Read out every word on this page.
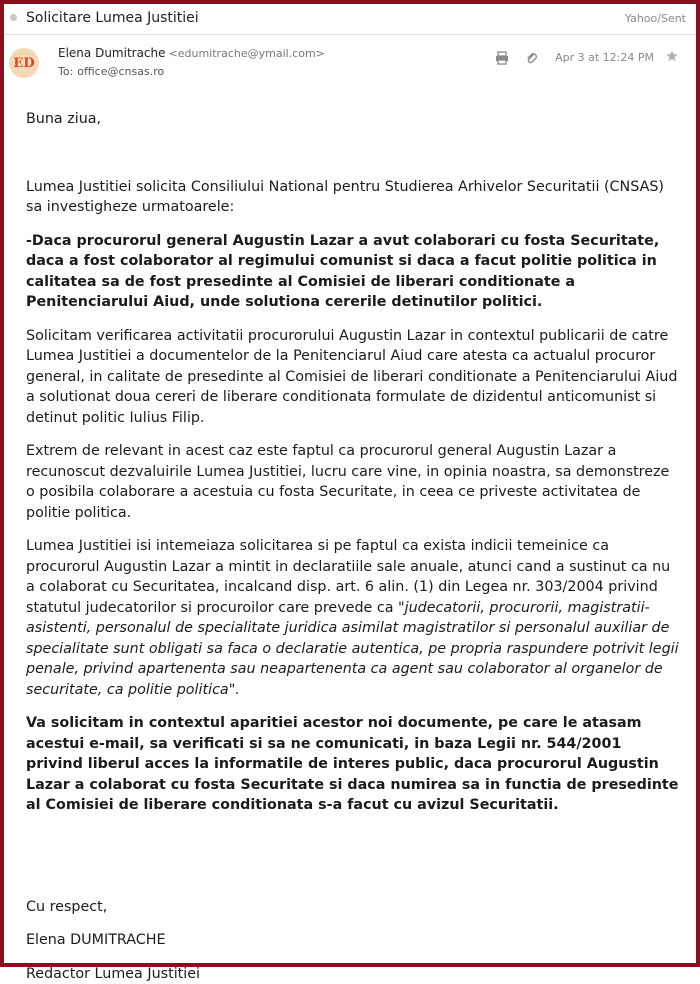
Solicitare Lumea Justitiei	Yahoo/Sent
ED
Elena Dumitrache <edumitrache@ymail.com>
To: office@cnsas.ro
Apr 3 at 12:24 PM

Buna ziua,

Lumea Justitiei solicita Consiliului National pentru Studierea Arhivelor Securitatii (CNSAS) sa investigheze urmatoarele:

-Daca procurorul general Augustin Lazar a avut colaborari cu fosta Securitate, daca a fost colaborator al regimului comunist si daca a facut politie politica in calitatea sa de fost presedinte al Comisiei de liberari conditionate a Penitenciarului Aiud, unde solutiona cererile detinutilor politici.

Solicitam verificarea activitatii procurorului Augustin Lazar in contextul publicarii de catre Lumea Justitiei a documentelor de la Penitenciarul Aiud care atesta ca actualul procuror general, in calitate de presedinte al Comisiei de liberari conditionate a Penitenciarului Aiud a solutionat doua cereri de liberare conditionata formulate de dizidentul anticomunist si detinut politic Iulius Filip.

Extrem de relevant in acest caz este faptul ca procurorul general Augustin Lazar a recunoscut dezvaluirile Lumea Justitiei, lucru care vine, in opinia noastra, sa demonstreze o posibila colaborare a acestuia cu fosta Securitate, in ceea ce priveste activitatea de politie politica.

Lumea Justitiei isi intemeiaza solicitarea si pe faptul ca exista indicii temeinice ca procurorul Augustin Lazar a mintit in declaratiile sale anuale, atunci cand a sustinut ca nu a colaborat cu Securitatea, incalcand disp. art. 6 alin. (1) din Legea nr. 303/2004 privind statutul judecatorilor si procuroilor care prevede ca "judecatorii, procurorii, magistratii-asistenti, personalul de specialitate juridica asimilat magistratilor si personalul auxiliar de specialitate sunt obligati sa faca o declaratie autentica, pe propria raspundere potrivit legii penale, privind apartenenta sau neapartenenta ca agent sau colaborator al organelor de securitate, ca politie politica".

Va solicitam in contextul aparitiei acestor noi documente, pe care le atasam acestui e-mail, sa verificati si sa ne comunicati, in baza Legii nr. 544/2001 privind liberul acces la informatile de interes public, daca procurorul Augustin Lazar a colaborat cu fosta Securitate si daca numirea sa in functia de presedinte al Comisiei de liberare conditionata s-a facut cu avizul Securitatii.

Cu respect,

Elena DUMITRACHE

Redactor Lumea Justitiei
